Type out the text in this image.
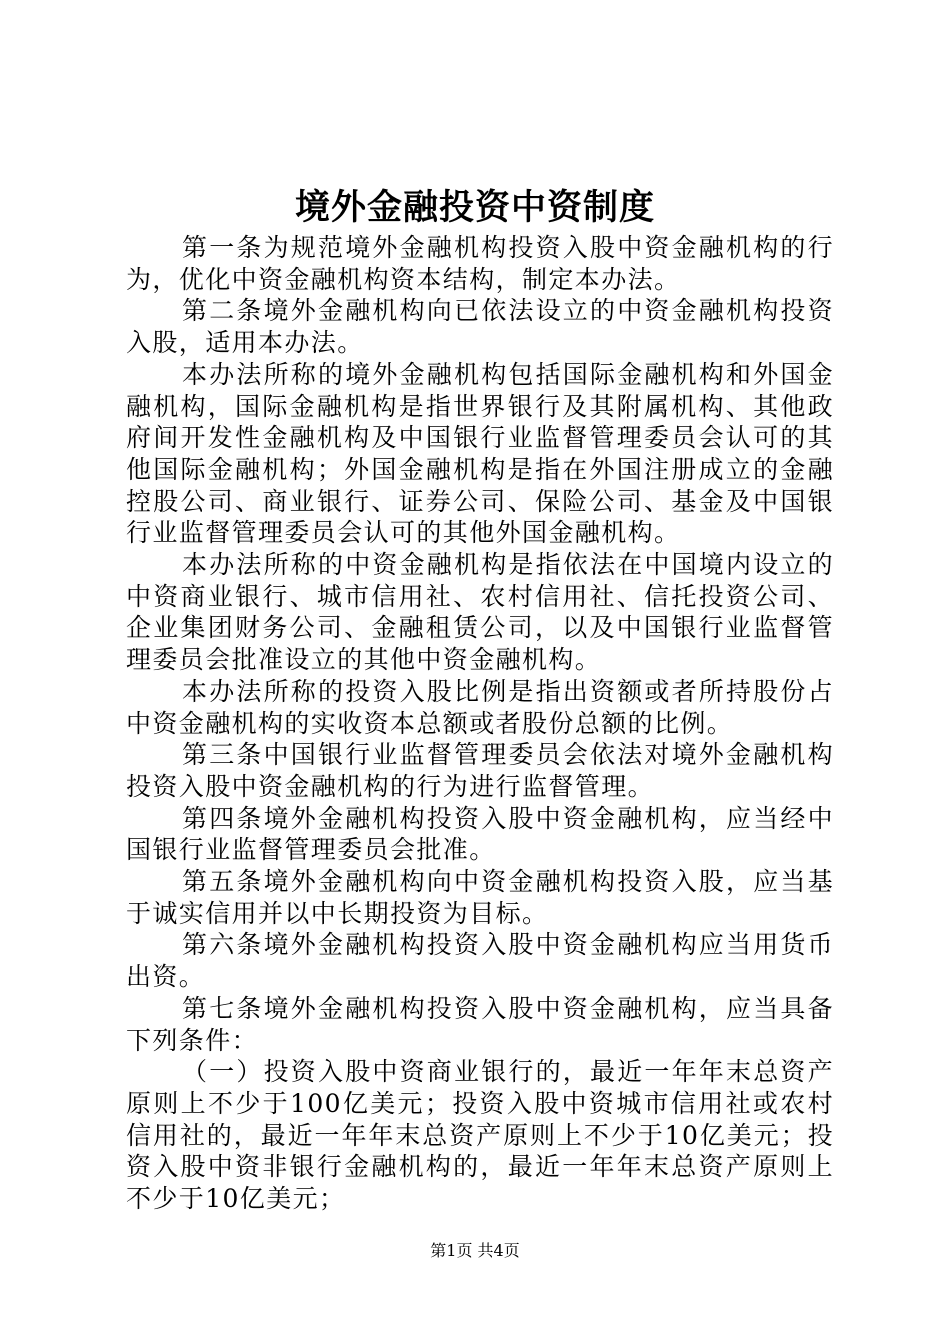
境外金融投资中资制度

第一条为规范境外金融机构投资入股中资金融机构的行为，优化中资金融机构资本结构，制定本办法。

第二条境外金融机构向已依法设立的中资金融机构投资入股，适用本办法。

本办法所称的境外金融机构包括国际金融机构和外国金融机构，国际金融机构是指世界银行及其附属机构、其他政府间开发性金融机构及中国银行业监督管理委员会认可的其他国际金融机构；外国金融机构是指在外国注册成立的金融控股公司、商业银行、证券公司、保险公司、基金及中国银行业监督管理委员会认可的其他外国金融机构。

本办法所称的中资金融机构是指依法在中国境内设立的中资商业银行、城市信用社、农村信用社、信托投资公司、企业集团财务公司、金融租赁公司，以及中国银行业监督管理委员会批准设立的其他中资金融机构。

本办法所称的投资入股比例是指出资额或者所持股份占中资金融机构的实收资本总额或者股份总额的比例。

第三条中国银行业监督管理委员会依法对境外金融机构投资入股中资金融机构的行为进行监督管理。

第四条境外金融机构投资入股中资金融机构，应当经中国银行业监督管理委员会批准。

第五条境外金融机构向中资金融机构投资入股，应当基于诚实信用并以中长期投资为目标。

第六条境外金融机构投资入股中资金融机构应当用货币出资。

第七条境外金融机构投资入股中资金融机构，应当具备下列条件：

（一）投资入股中资商业银行的，最近一年年末总资产原则上不少于100亿美元；投资入股中资城市信用社或农村信用社的，最近一年年末总资产原则上不少于10亿美元；投资入股中资非银行金融机构的，最近一年年末总资产原则上不少于10亿美元；

第1页 共4页
